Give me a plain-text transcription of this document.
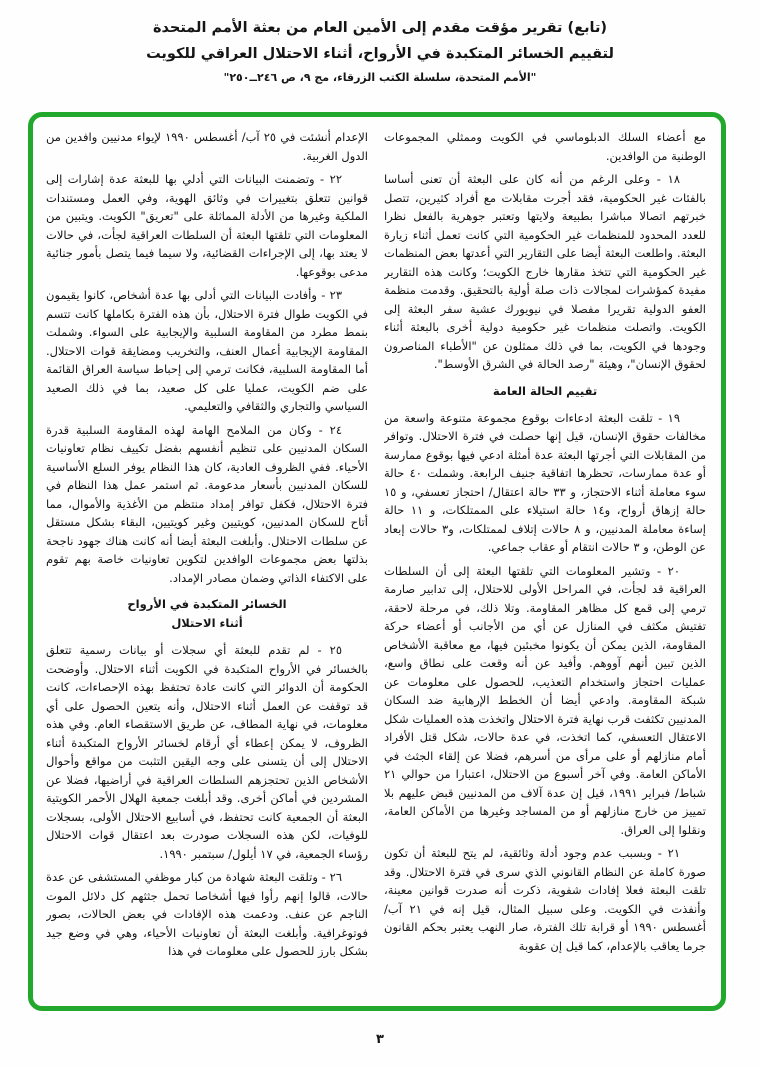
(تابع) تقرير مؤقت مقدم إلى الأمين العام من بعثة الأمم المتحدة
لتقييم الخسائر المتكبدة في الأرواح، أثناء الاحتلال العراقي للكويت
"الأمم المتحدة، سلسلة الكتب الزرقاء، مج ٩، ص ٢٤٦ــ٢٥٠"

مع أعضاء السلك الدبلوماسي في الكويت وممثلي المجموعات الوطنية من الوافدين.

١٨ - وعلى الرغم من أنه كان على البعثة أن تعنى أساسا بالفئات غير الحكومية، فقد أجرت مقابلات مع أفراد كثيرين، تتصل خبرتهم اتصالا مباشرا بطبيعة ولايتها وتعتبر جوهرية بالفعل نظرا للعدد المحدود للمنظمات غير الحكومية التي كانت تعمل أثناء زيارة البعثة. واطلعت البعثة أيضا على التقارير التي أعدتها بعض المنظمات غير الحكومية التي تتخذ مقارها خارج الكويت؛ وكانت هذه التقارير مفيدة كمؤشرات لمجالات ذات صلة أولية بالتحقيق. وقدمت منظمة العفو الدولية تقريرا مفصلا في نيويورك عشية سفر البعثة إلى الكويت. واتصلت منظمات غير حكومية دولية أخرى بالبعثة أثناء وجودها في الكويت، بما في ذلك ممثلون عن "الأطباء المناصرون لحقوق الإنسان"، وهيئة "رصد الحالة في الشرق الأوسط".

تقييم الحالة العامة

١٩ - تلقت البعثة ادعاءات بوقوع مجموعة متنوعة واسعة من مخالفات حقوق الإنسان، قيل إنها حصلت في فترة الاحتلال. وتوافر من المقابلات التي أجرتها البعثة عدة أمثلة ادعي فيها بوقوع ممارسة أو عدة ممارسات، تحظرها اتفاقية جنيف الرابعة. وشملت ٤٠ حالة سوء معاملة أثناء الاحتجاز، و ٣٣ حالة اعتقال/ احتجاز تعسفي، و ١٥ حالة إزهاق أرواح، و١٤ حالة استيلاء على الممتلكات، و ١١ حالة إساءة معاملة المدنيين، و ٨ حالات إتلاف لممتلكات، و٣ حالات إبعاد عن الوطن، و ٣ حالات انتقام أو عقاب جماعي.

٢٠ - وتشير المعلومات التي تلقتها البعثة إلى أن السلطات العراقية قد لجأت، في المراحل الأولى للاحتلال، إلى تدابير صارمة ترمي إلى قمع كل مظاهر المقاومة. وتلا ذلك، في مرحلة لاحقة، تفتيش مكثف في المنازل عن أي من الأجانب أو أعضاء حركة المقاومة، الذين يمكن أن يكونوا مخبئين فيها، مع معاقبة الأشخاص الذين تبين أنهم آووهم. وأفيد عن أنه وقعت على نطاق واسع، عمليات احتجاز واستخدام التعذيب، للحصول على معلومات عن شبكة المقاومة. وادعي أيضا أن الخطط الإرهابية ضد السكان المدنيين تكثفت قرب نهاية فترة الاحتلال واتخذت هذه العمليات شكل الاعتقال التعسفي، كما اتخذت، في عدة حالات، شكل قتل الأفراد أمام منازلهم أو على مرأى من أسرهم، فضلا عن إلقاء الجثث في الأماكن العامة. وفي آخر أسبوع من الاحتلال، اعتبارا من حوالي ٢١ شباط/ فبراير ١٩٩١، قيل إن عدة آلاف من المدنيين قبض عليهم بلا تمييز من خارج منازلهم أو من المساجد وغيرها من الأماكن العامة، ونقلوا إلى العراق.

٢١ - وبسبب عدم وجود أدلة وثائقية، لم يتح للبعثة أن تكون صورة كاملة عن النظام القانوني الذي سرى في فترة الاحتلال. وقد تلقت البعثة فعلا إفادات شفوية، ذكرت أنه صدرت قوانين معينة، وأنفذت في الكويت. وعلى سبيل المثال، قيل إنه في ٢١ آب/ أغسطس ١٩٩٠ أو قرابة تلك الفترة، صار النهب يعتبر بحكم القانون جرما يعاقب بالإعدام، كما قيل إن عقوبة

الإعدام أنشئت في ٢٥ آب/ أغسطس ١٩٩٠ لإيواء مدنيين وافدين من الدول الغربية.

٢٢ - وتضمنت البيانات التي أدلي بها للبعثة عدة إشارات إلى قوانين تتعلق بتغييرات في وثائق الهوية، وفي العمل ومستندات الملكية وغيرها من الأدلة المماثلة على "تعريق" الكويت. ويتبين من المعلومات التي تلقتها البعثة أن السلطات العراقية لجأت، في حالات لا يعتد بها، إلى الإجراءات القضائية، ولا سيما فيما يتصل بأمور جنائية مدعى بوقوعها.

٢٣ - وأفادت البيانات التي أدلى بها عدة أشخاص، كانوا يقيمون في الكويت طوال فترة الاحتلال، بأن هذه الفترة بكاملها كانت تتسم بنمط مطرد من المقاومة السلبية والإيجابية على السواء. وشملت المقاومة الإيجابية أعمال العنف، والتخريب ومضايقة قوات الاحتلال. أما المقاومة السلبية، فكانت ترمي إلى إحباط سياسة العراق القائمة على ضم الكويت، عمليا على كل صعيد، بما في ذلك الصعيد السياسي والتجاري والثقافي والتعليمي.

٢٤ - وكان من الملامح الهامة لهذه المقاومة السلبية قدرة السكان المدنيين على تنظيم أنفسهم بفضل تكييف نظام تعاونيات الأحياء. ففي الظروف العادية، كان هذا النظام يوفر السلع الأساسية للسكان المدنيين بأسعار مدعومة. ثم استمر عمل هذا النظام في فترة الاحتلال، فكفل توافر إمداد منتظم من الأغذية والأموال، مما أتاح للسكان المدنيين، كويتيين وغير كويتيين، البقاء بشكل مستقل عن سلطات الاحتلال. وأبلغت البعثة أيضا أنه كانت هناك جهود ناجحة بذلتها بعض مجموعات الوافدين لتكوين تعاونيات خاصة بهم تقوم على الاكتفاء الذاتي وضمان مصادر الإمداد.

الخسائر المتكبدة في الأرواح
أثناء الاحتلال

٢٥ - لم تقدم للبعثة أي سجلات أو بيانات رسمية تتعلق بالخسائر في الأرواح المتكبدة في الكويت أثناء الاحتلال. وأوضحت الحكومة أن الدوائر التي كانت عادة تحتفظ بهذه الإحصاءات، كانت قد توقفت عن العمل أثناء الاحتلال، وأنه يتعين الحصول على أي معلومات، في نهاية المطاف، عن طريق الاستقصاء العام. وفي هذه الظروف، لا يمكن إعطاء أي أرقام لخسائر الأرواح المتكبدة أثناء الاحتلال إلى أن يتسنى على وجه اليقين التثبت من مواقع وأحوال الأشخاص الذين تحتجزهم السلطات العراقية في أراضيها، فضلا عن المشردين في أماكن أخرى. وقد أبلغت جمعية الهلال الأحمر الكويتية البعثة أن الجمعية كانت تحتفظ، في أسابيع الاحتلال الأولى، بسجلات للوفيات، لكن هذه السجلات صودرت بعد اعتقال قوات الاحتلال رؤساء الجمعية، في ١٧ أيلول/ سبتمبر ١٩٩٠.

٢٦ - وتلقت البعثة شهادة من كبار موظفي المستشفى عن عدة حالات، قالوا إنهم رأوا فيها أشخاصا تحمل جثثهم كل دلائل الموت الناجم عن عنف. ودعمت هذه الإفادات في بعض الحالات، بصور فوتوغرافية. وأبلغت البعثة أن تعاونيات الأحياء، وهي في وضع جيد بشكل بارز للحصول على معلومات في هذا

٣
